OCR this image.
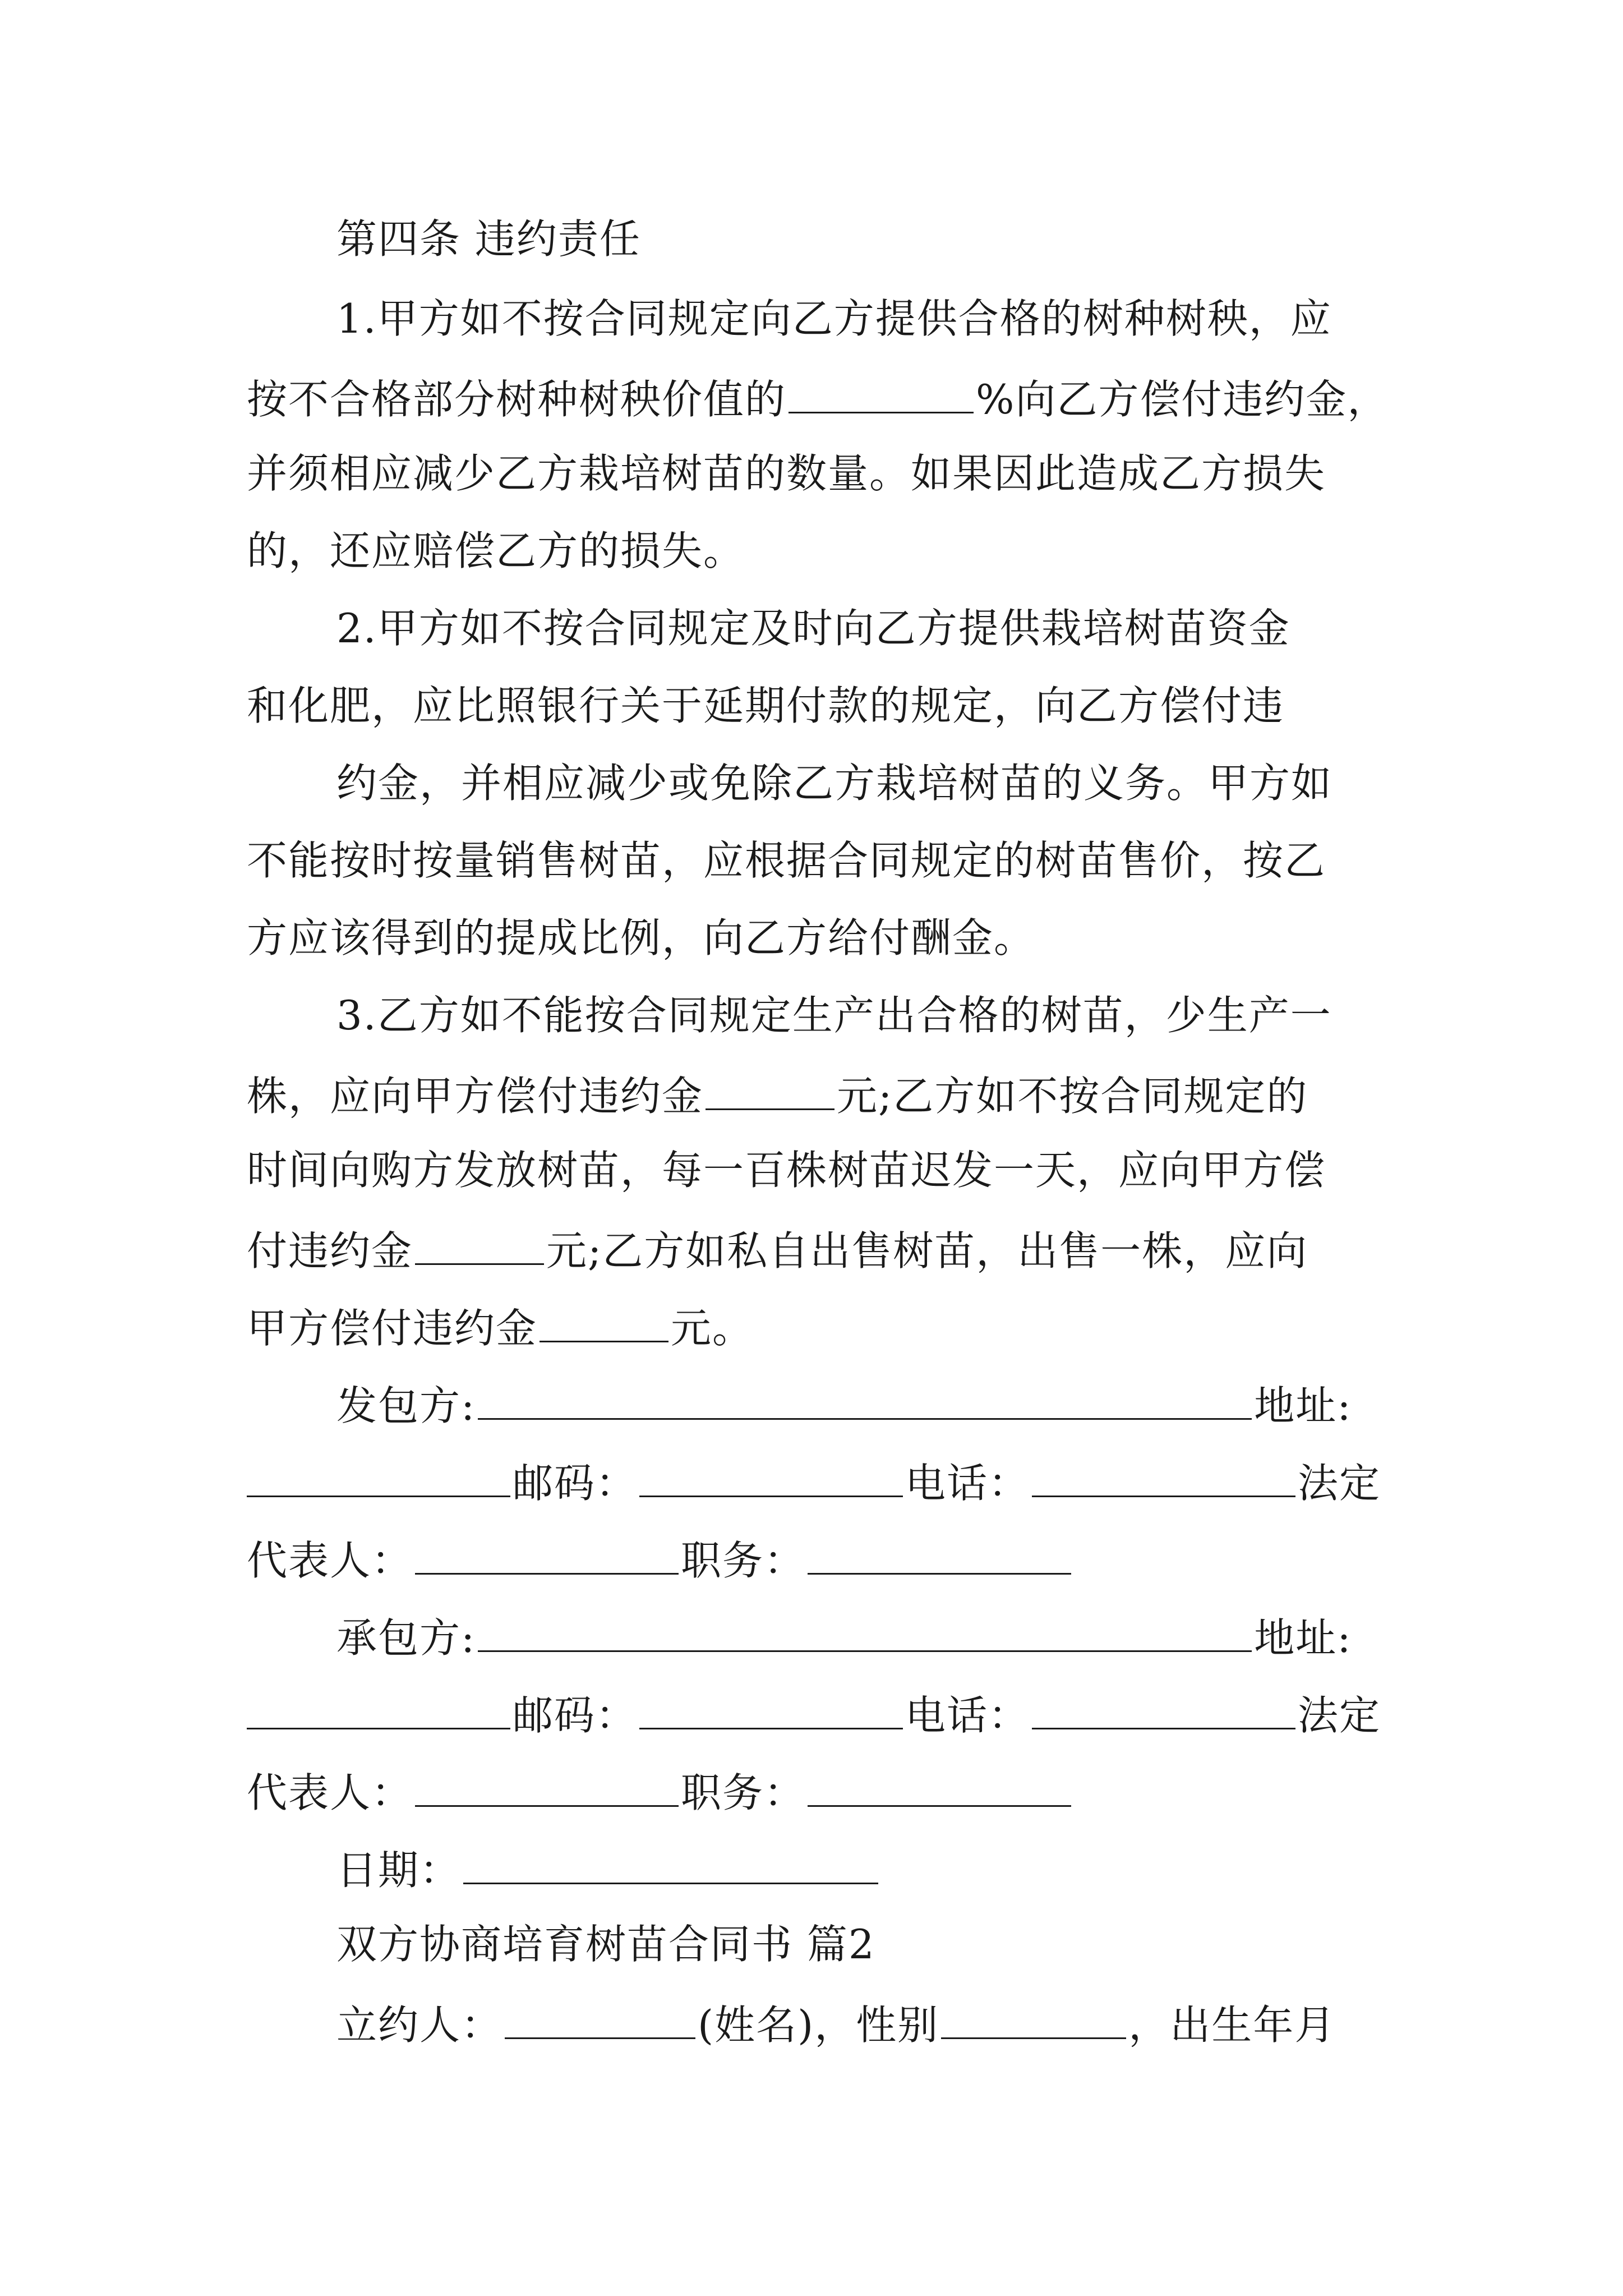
第四条 违约责任
1.甲方如不按合同规定向乙方提供合格的树种树秧，应
按不合格部分树种树秧价值的	%向乙方偿付违约金，
并须相应减少乙方栽培树苗的数量。如果因此造成乙方损失
的，还应赔偿乙方的损失。
2.甲方如不按合同规定及时向乙方提供栽培树苗资金
和化肥，应比照银行关于延期付款的规定，向乙方偿付违
约金，并相应减少或免除乙方栽培树苗的义务。甲方如
不能按时按量销售树苗，应根据合同规定的树苗售价，按乙
方应该得到的提成比例，向乙方给付酬金。
3.乙方如不能按合同规定生产出合格的树苗，少生产一
株，应向甲方偿付违约金	元;乙方如不按合同规定的
时间向购方发放树苗，每一百株树苗迟发一天，应向甲方偿
付违约金	元;乙方如私自出售树苗，出售一株，应向
甲方偿付违约金	元。
发包方:	地址:
邮码：	电话：	法定
代表人：	职务：
承包方:	地址:
邮码：	电话：	法定
代表人：	职务：
日期：
双方协商培育树苗合同书 篇2
立约人：	(姓名)，性别	，出生年月
